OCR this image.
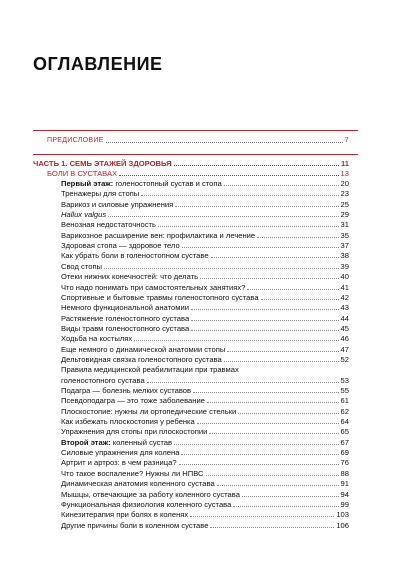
ОГЛАВЛЕНИЕ
ПРЕДИСЛОВИЕ	7
ЧАСТЬ 1. СЕМЬ ЭТАЖЕЙ ЗДОРОВЬЯ	11
БОЛИ В СУСТАВАХ	13
Первый этаж: голеностопный сустав и стопа	20
Тренажеры для стопы	23
Варикоз и силовые упражнения	25
Hallux valgus	29
Венозная недостаточность	31
Варикозное расширение вен: профилактика и лечение	35
Здоровая стопа — здоровое тело	37
Как убрать боли в голеностопном суставе	38
Свод стопы	39
Отеки нижних конечностей: что делать	40
Что надо понимать при самостоятельных занятиях?	41
Спортивные и бытовые травмы голеностопного сустава	42
Немного функциональной анатомии	43
Растяжение голеностопного сустава	44
Виды травм голеностопного сустава	45
Ходьба на костылях	46
Еще немного о динамической анатомии стопы	47
Дельтовидная связка голеностопного сустава	52
Правила медицинской реабилитации при травмах
голеностопного сустава	53
Подагра — болезнь мелких суставов	55
Псевдоподагра — это тоже заболевание	61
Плоскостопие: нужны ли ортопедические стельки	62
Как избежать плоскостопия у ребенка	64
Упражнения для стопы при плоскостопии	65
Второй этаж: коленный сустав	67
Силовые упражнения для колена	69
Артрит и артроз: в чем разница?	76
Что такое воспаление? Нужны ли НПВС	88
Динамическая анатомия коленного сустава	91
Мышцы, отвечающие за работу коленного сустава	94
Функциональная физиология коленного сустава	99
Кинезитерапия при болях в коленях	103
Другие причины боли в коленном суставе	106
